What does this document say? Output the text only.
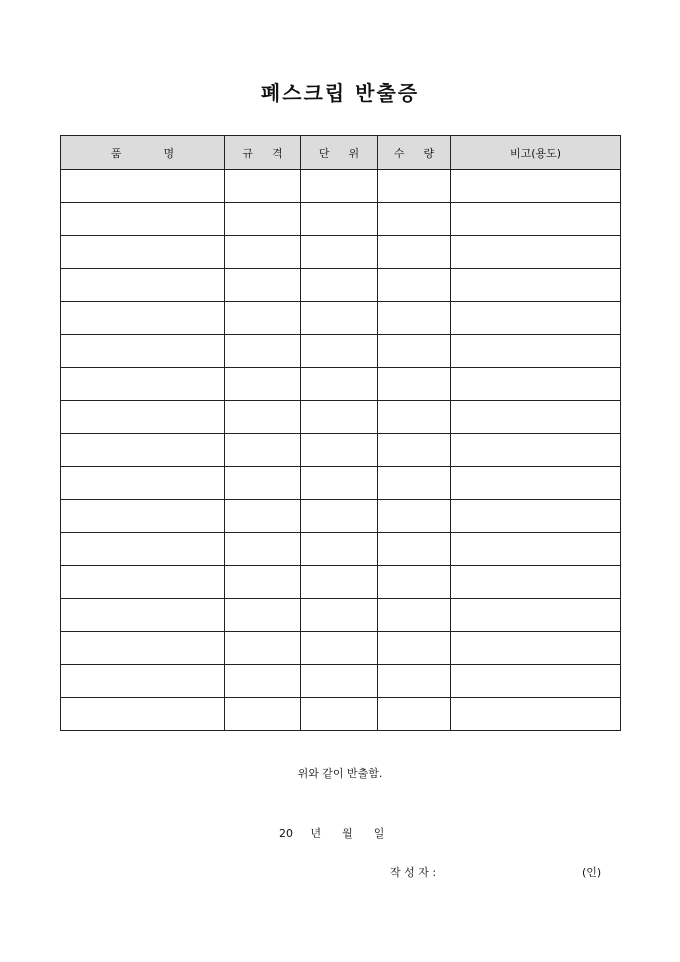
폐스크립 반출증
품            명	규  격	단  위	수  량	비고(용도)

위와 같이 반출함.
20     년      월      일
작 성 자 :	(인)
